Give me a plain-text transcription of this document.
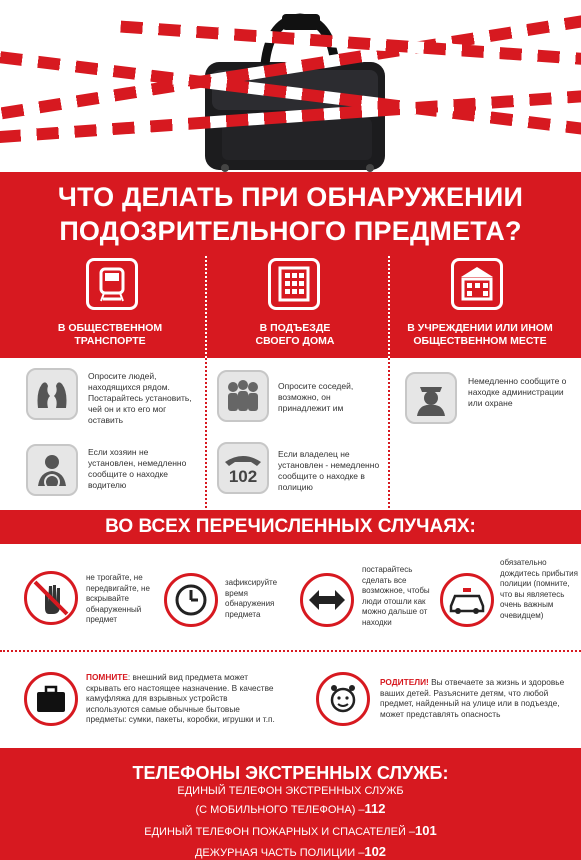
ЧТО ДЕЛАТЬ ПРИ ОБНАРУЖЕНИИ
ПОДОЗРИТЕЛЬНОГО ПРЕДМЕТА?
В ОБЩЕСТВЕННОМ
ТРАНСПОРТЕ
В ПОДЪЕЗДЕ
СВОЕГО ДОМА
В УЧРЕЖДЕНИИ ИЛИ ИНОМ
ОБЩЕСТВЕННОМ МЕСТЕ
Опросите людей, находящихся рядом. Постарайтесь установить, чей он и кто его мог оставить
Если хозяин не установлен, немедленно сообщите о находке водителю
Опросите соседей, возможно, он принадлежит им
102
Если владелец не установлен - немедленно сообщите о находке в полицию
Немедленно сообщите о находке администрации или охране
ВО ВСЕХ ПЕРЕЧИСЛЕННЫХ СЛУЧАЯХ:
не трогайте, не передвигайте, не вскрывайте обнаруженный предмет
зафиксируйте время обнаружения предмета
постарайтесь сделать все возможное, чтобы люди отошли как можно дальше от находки
обязательно дождитесь прибытия полиции (помните, что вы являетесь очень важным очевидцем)
ПОМНИТЕ: внешний вид предмета может скрывать его настоящее назначение. В качестве камуфляжа для взрывных устройств используются самые обычные бытовые предметы: сумки, пакеты, коробки, игрушки и т.п.
РОДИТЕЛИ! Вы отвечаете за жизнь и здоровье ваших детей. Разъясните детям, что любой предмет, найденный на улице или в подъезде, может представлять опасность
ТЕЛЕФОНЫ ЭКСТРЕННЫХ СЛУЖБ:
ЕДИНЫЙ ТЕЛЕФОН ЭКСТРЕННЫХ СЛУЖБ
(С МОБИЛЬНОГО ТЕЛЕФОНА) –112
ЕДИНЫЙ ТЕЛЕФОН ПОЖАРНЫХ И СПАСАТЕЛЕЙ –101
ДЕЖУРНАЯ ЧАСТЬ ПОЛИЦИИ –102
